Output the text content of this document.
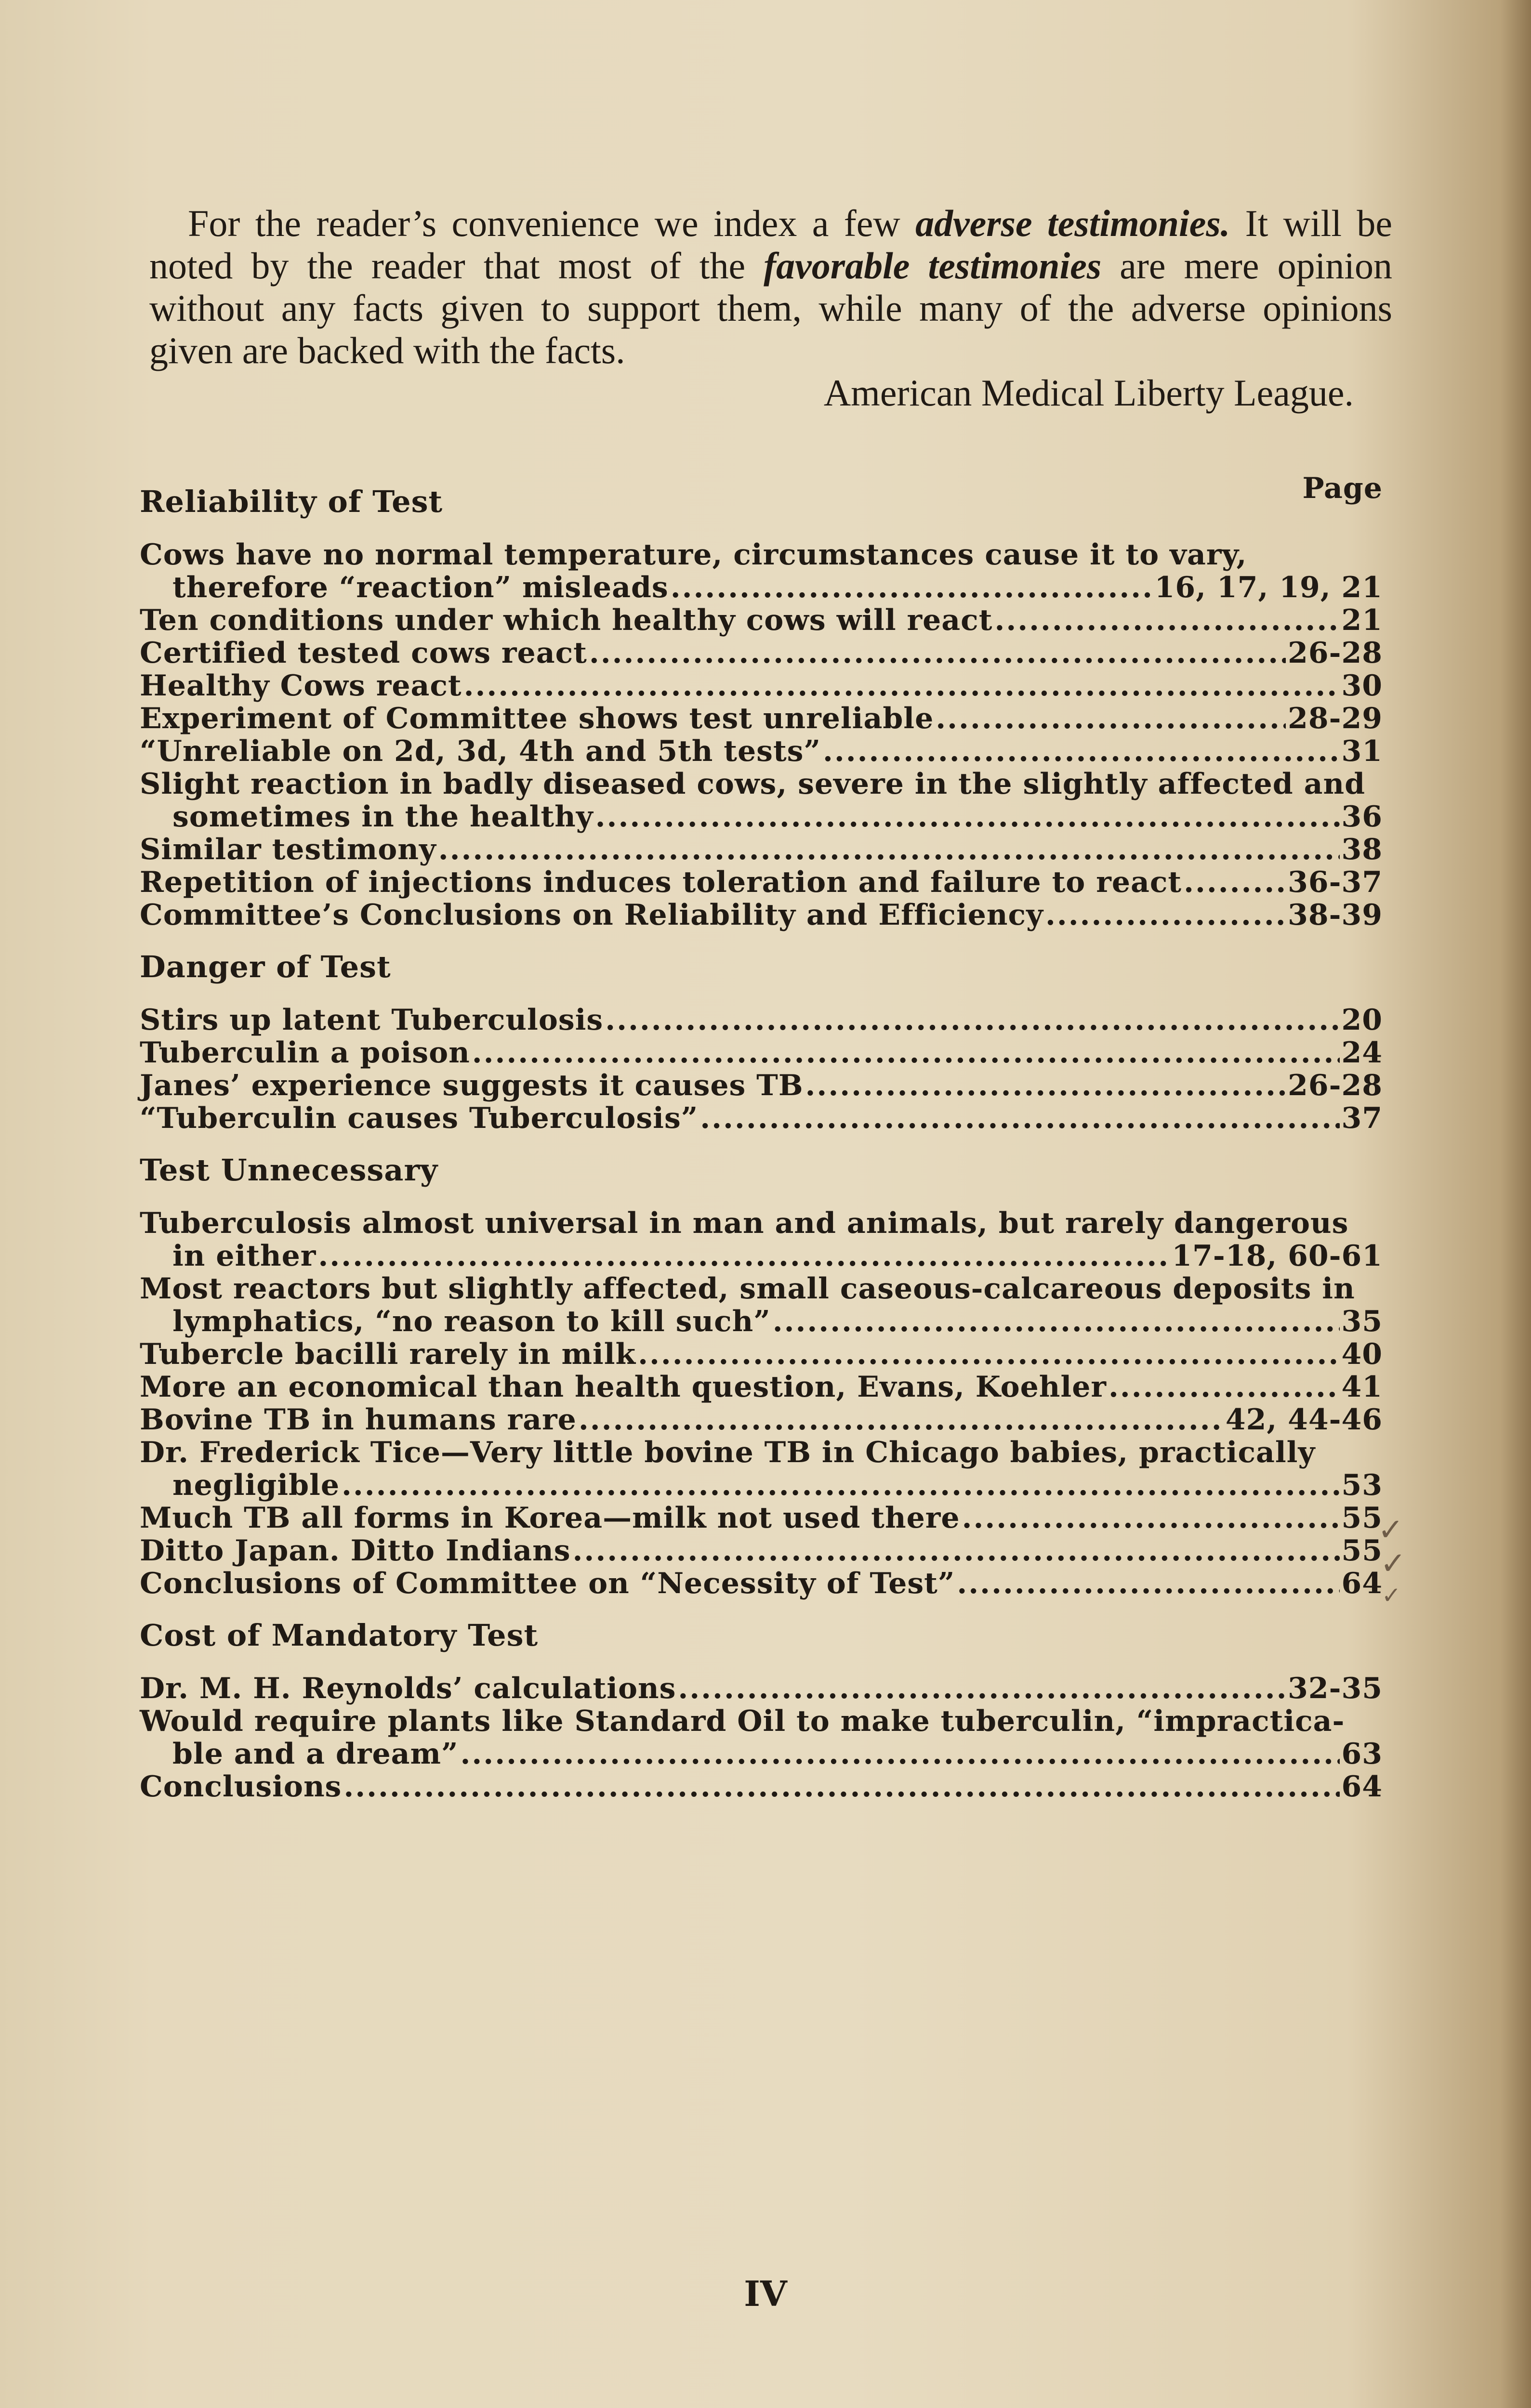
For the reader’s convenience we index a few adverse testimonies. It will be noted by the reader that most of the favorable testimonies are mere opinion without any facts given to support them, while many of the adverse opinions given are backed with the facts.

American Medical Liberty League.
Page
Reliability of Test
Cows have no normal temperature, circumstances cause it to vary,
therefore “reaction” misleads .....	16, 17, 19, 21
Ten conditions under which healthy cows will react .....	21
Certified tested cows react .....	26-28
Healthy Cows react .....	30
Experiment of Committee shows test unreliable .....	28-29
“Unreliable on 2d, 3d, 4th and 5th tests” .....	31
Slight reaction in badly diseased cows, severe in the slightly affected and
sometimes in the healthy .....	36
Similar testimony .....	38
Repetition of injections induces toleration and failure to react .....	36-37
Committee’s Conclusions on Reliability and Efficiency .....	38-39
Danger of Test
Stirs up latent Tuberculosis .....	20
Tuberculin a poison .....	24
Janes’ experience suggests it causes TB .....	26-28
“Tuberculin causes Tuberculosis” .....	37
Test Unnecessary
Tuberculosis almost universal in man and animals, but rarely dangerous
in either .....	17-18, 60-61
Most reactors but slightly affected, small caseous-calcareous deposits in
lymphatics, “no reason to kill such” .....	35
Tubercle bacilli rarely in milk .....	40
More an economical than health question, Evans, Koehler .....	41
Bovine TB in humans rare .....	42, 44-46
Dr. Frederick Tice—Very little bovine TB in Chicago babies, practically
negligible .....	53
Much TB all forms in Korea—milk not used there .....	55
Ditto Japan. Ditto Indians .....	55
Conclusions of Committee on “Necessity of Test” .....	64
Cost of Mandatory Test
Dr. M. H. Reynolds’ calculations .....	32-35
Would require plants like Standard Oil to make tuberculin, “impractica-
ble and a dream” .....	63
Conclusions .....	64
✓
✓
✓
IV
